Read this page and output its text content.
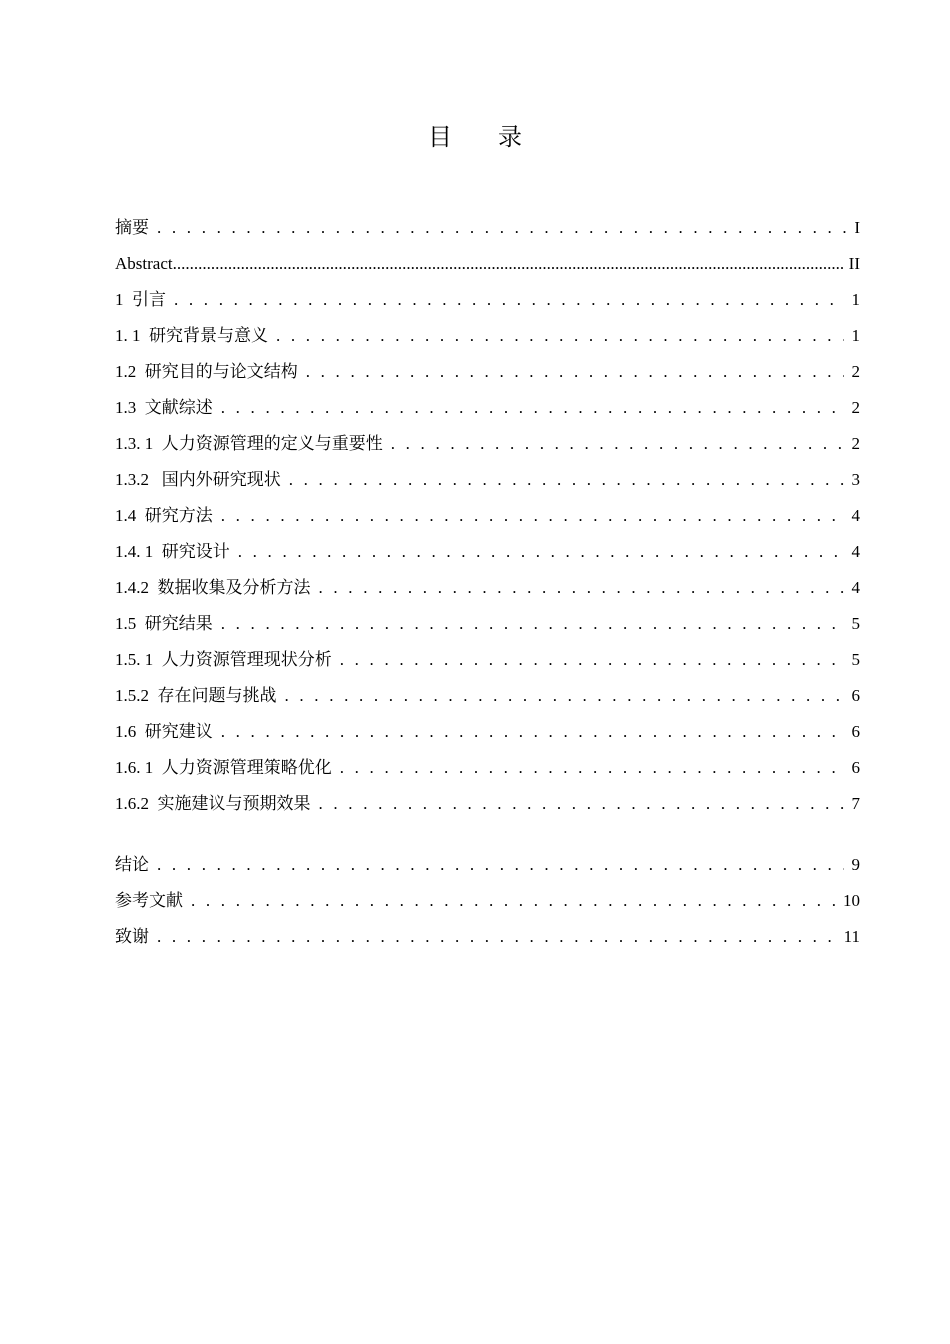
目 录
摘要 . . .	I
Abstract .....	II
1  引言 . . .	1
1. 1  研究背景与意义 . . .	1
1.2  研究目的与论文结构 . . .	2
1.3  文献综述 . . .	2
1.3. 1  人力资源管理的定义与重要性 . . .	2
1.3.2   国内外研究现状 . . .	3
1.4  研究方法 . . .	4
1.4. 1  研究设计 . . .	4
1.4.2  数据收集及分析方法 . . .	4
1.5  研究结果 . . .	5
1.5. 1  人力资源管理现状分析 . . .	5
1.5.2  存在问题与挑战 . . .	6
1.6  研究建议 . . .	6
1.6. 1  人力资源管理策略优化 . . .	6
1.6.2  实施建议与预期效果 . . .	7
结论 . . .	9
参考文献 . . .	10
致谢 . . .	11
